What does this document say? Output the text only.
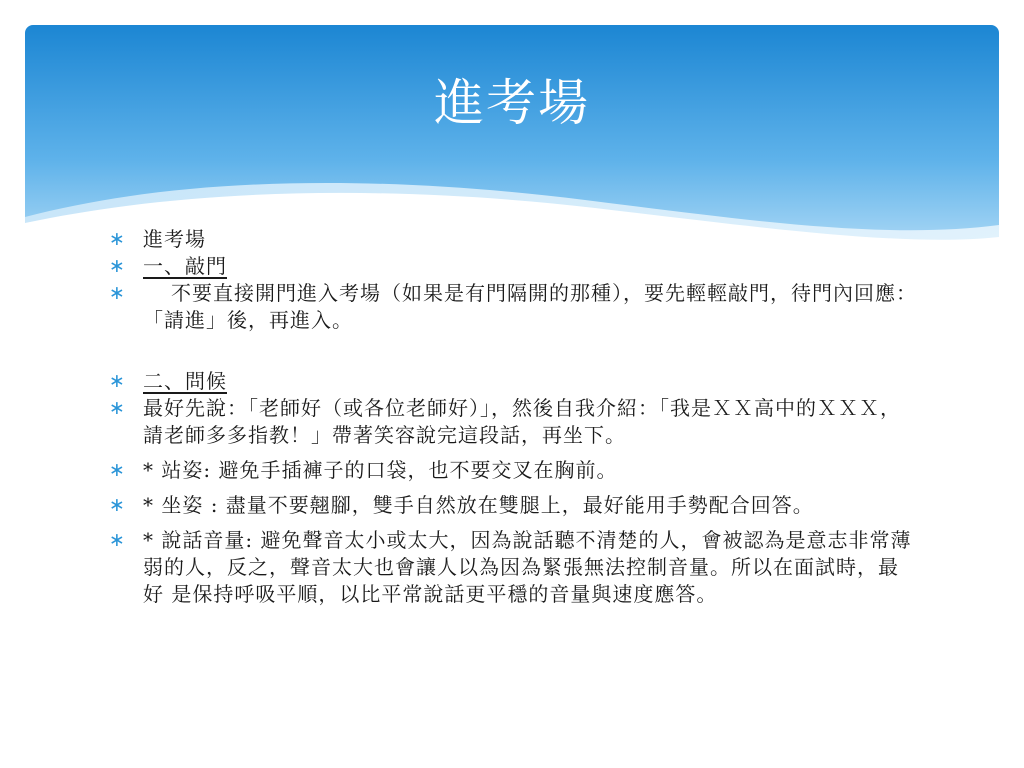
進考場
∗ 進考場
∗ 一、敲門
∗ 不要直接開門進入考場（如果是有門隔開的那種），要先輕輕敲門，待門內回應：「請進」後，再進入。
∗ 二、問候
∗ 最好先說：「老師好（或各位老師好）」，然後自我介紹：「我是ＸＸ高中的ＸＸＸ，請老師多多指教！」帶著笑容說完這段話，再坐下。
∗ * 站姿: 避免手插褲子的口袋，也不要交叉在胸前。
∗ * 坐姿 : 盡量不要翹腳，雙手自然放在雙腿上，最好能用手勢配合回答。
∗ * 說話音量: 避免聲音太小或太大，因為說話聽不清楚的人，會被認為是意志非常薄弱的人，反之，聲音太大也會讓人以為因為緊張無法控制音量。所以在面試時，最好 是保持呼吸平順，以比平常說話更平穩的音量與速度應答。
